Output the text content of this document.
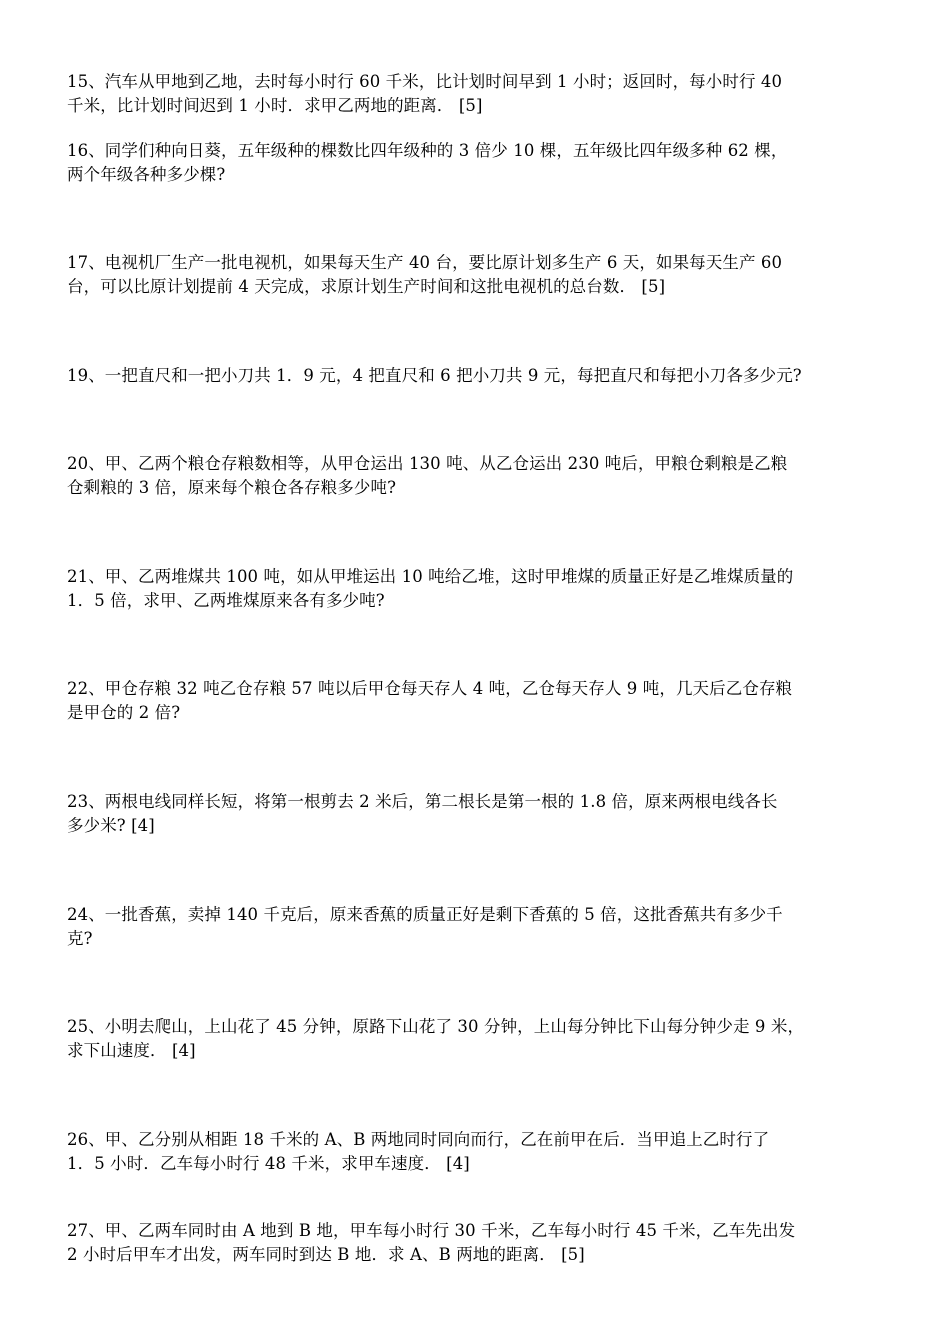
15、汽车从甲地到乙地，去时每小时行 60 千米，比计划时间早到 1 小时；返回时，每小时行 40
千米，比计划时间迟到 1 小时．求甲乙两地的距离． [5]
16、同学们种向日葵，五年级种的棵数比四年级种的 3 倍少 10 棵，五年级比四年级多种 62 棵，
两个年级各种多少棵?
17、电视机厂生产一批电视机，如果每天生产 40 台，要比原计划多生产 6 天，如果每天生产 60
台，可以比原计划提前 4 天完成，求原计划生产时间和这批电视机的总台数． [5]
19、一把直尺和一把小刀共 1．9 元，4 把直尺和 6 把小刀共 9 元，每把直尺和每把小刀各多少元?
20、甲、乙两个粮仓存粮数相等，从甲仓运出 130 吨、从乙仓运出 230 吨后，甲粮仓剩粮是乙粮
仓剩粮的 3 倍，原来每个粮仓各存粮多少吨?
21、甲、乙两堆煤共 100 吨，如从甲堆运出 10 吨给乙堆，这时甲堆煤的质量正好是乙堆煤质量的
1．5 倍，求甲、乙两堆煤原来各有多少吨?
22、甲仓存粮 32 吨乙仓存粮 57 吨以后甲仓每天存人 4 吨，乙仓每天存人 9 吨，几天后乙仓存粮
是甲仓的 2 倍?
23、两根电线同样长短，将第一根剪去 2 米后，第二根长是第一根的 1.8 倍，原来两根电线各长
多少米? [4]
24、一批香蕉，卖掉 140 千克后，原来香蕉的质量正好是剩下香蕉的 5 倍，这批香蕉共有多少千
克?
25、小明去爬山，上山花了 45 分钟，原路下山花了 30 分钟，上山每分钟比下山每分钟少走 9 米，
求下山速度． [4]
26、甲、乙分别从相距 18 千米的 A、B 两地同时同向而行，乙在前甲在后．当甲追上乙时行了
1．5 小时．乙车每小时行 48 千米，求甲车速度． [4]
27、甲、乙两车同时由 A 地到 B 地，甲车每小时行 30 千米，乙车每小时行 45 千米，乙车先出发
2 小时后甲车才出发，两车同时到达 B 地．求 A、B 两地的距离． [5]
